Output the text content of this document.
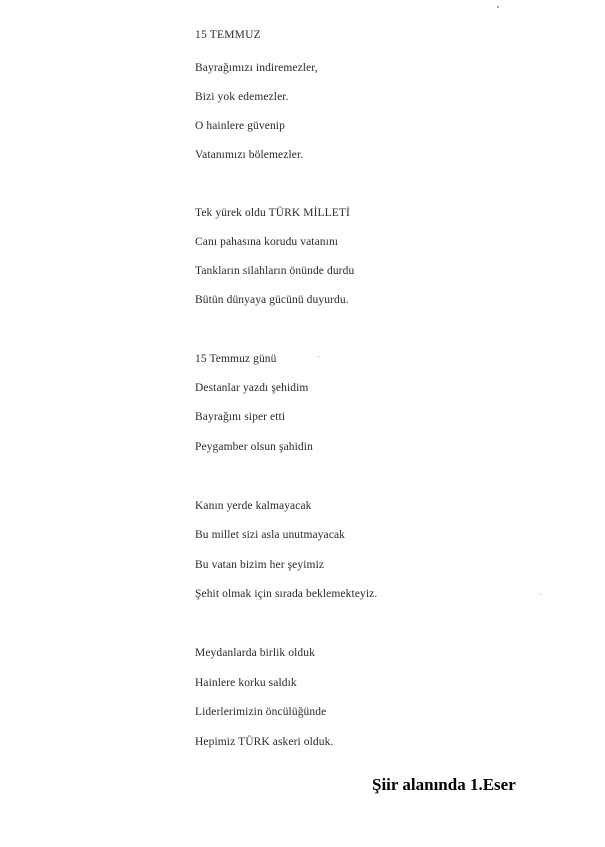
15 TEMMUZ
Bayrağımızı indiremezler,
Bizi yok edemezler.
O hainlere güvenip
Vatanımızı bölemezler.
Tek yürek oldu TÜRK MİLLETİ
Canı pahasına korudu vatanını
Tankların silahların önünde durdu
Bütün dünyaya gücünü duyurdu.
15 Temmuz günü
Destanlar yazdı şehidim
Bayrağını siper etti
Peygamber olsun şahidin
Kanın yerde kalmayacak
Bu millet sizi asla unutmayacak
Bu vatan bizim her şeyimiz
Şehit olmak için sırada beklemekteyiz.
Meydanlarda birlik olduk
Hainlere korku saldık
Liderlerimizin öncülüğünde
Hepimiz TÜRK askeri olduk.
Şiir alanında 1.Eser
